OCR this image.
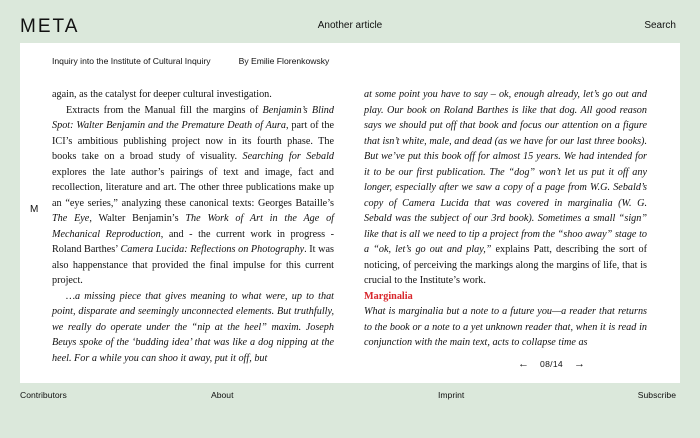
META	Another article	Search
Inquiry into the Institute of Cultural Inquiry	By Emilie Florenkowsky
M

again, as the catalyst for deeper cultural investigation.

Extracts from the Manual fill the margins of Benjamin’s Blind Spot: Walter Benjamin and the Premature Death of Aura, part of the ICI’s ambitious publishing project now in its fourth phase. The books take on a broad study of visuality. Searching for Sebald explores the late author’s pairings of text and image, fact and recollection, literature and art. The other three publications make up an “eye series,” analyzing these canonical texts: Georges Bataille’s The Eye, Walter Benjamin’s The Work of Art in the Age of Mechanical Reproduction, and - the current work in progress - Roland Barthes’ Camera Lucida: Reflections on Photography. It was also happenstance that provided the final impulse for this current project.

…a missing piece that gives meaning to what were, up to that point, disparate and seemingly unconnected elements. But truthfully, we really do operate under the “nip at the heel” maxim. Joseph Beuys spoke of the ‘budding idea’ that was like a dog nipping at the heel. For a while you can shoo it away, put it off, but

at some point you have to say – ok, enough already, let’s go out and play. Our book on Roland Barthes is like that dog. All good reason says we should put off that book and focus our attention on a figure that isn’t white, male, and dead (as we have for our last three books). But we’ve put this book off for almost 15 years. We had intended for it to be our first publication. The “dog” won’t let us put it off any longer, especially after we saw a copy of a page from W.G. Sebald’s copy of Camera Lucida that was covered in marginalia (W. G. Sebald was the subject of our 3rd book). Sometimes a small “sign” like that is all we need to tip a project from the “shoo away” stage to a “ok, let’s go out and play,” explains Patt, describing the sort of noticing, of perceiving the markings along the margins of life, that is crucial to the Institute’s work.

Marginalia

What is marginalia but a note to a future you—a reader that returns to the book or a note to a yet unknown reader that, when it is read in conjunction with the main text, acts to collapse time as

← 08/14 →
Contributors	About	Imprint	Subscribe
